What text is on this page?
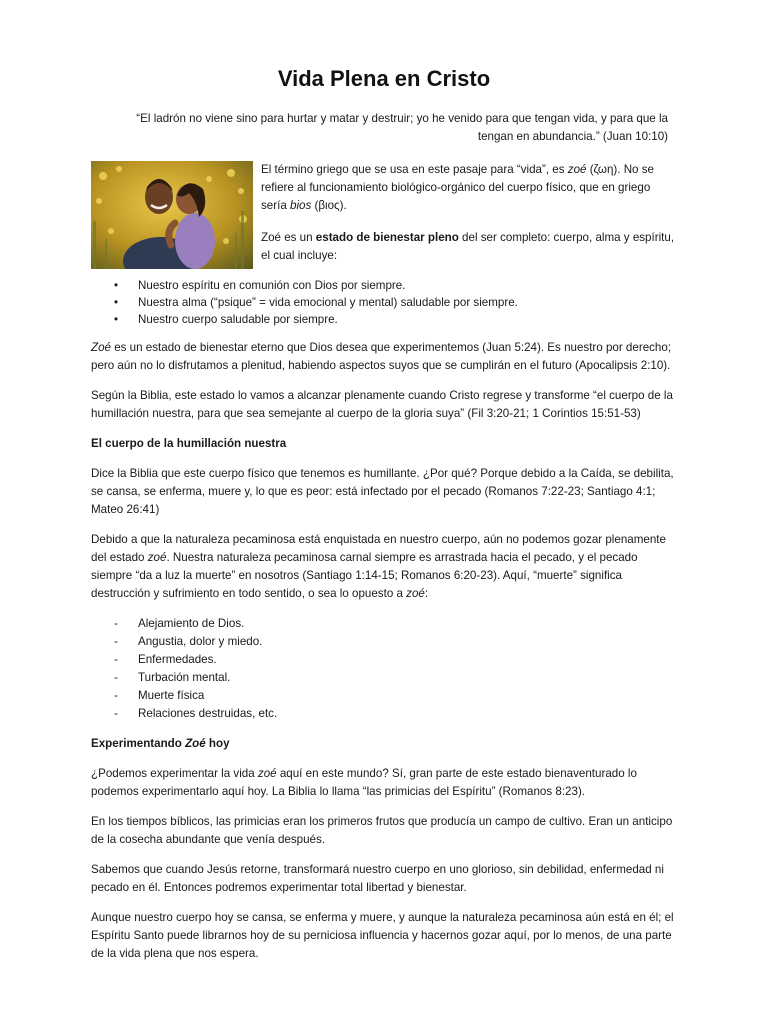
Vida Plena en Cristo

“El ladrón no viene sino para hurtar y matar y destruir; yo he venido para que tengan vida, y para que la tengan en abundancia.” (Juan 10:10)

El término griego que se usa en este pasaje para “vida”, es zoé (ζωη). No se refiere al funcionamiento biológico-orgánico del cuerpo físico, que en griego sería bios (βιος).

Zoé es un estado de bienestar pleno del ser completo: cuerpo, alma y espíritu, el cual incluye:

• Nuestro espíritu en comunión con Dios por siempre.
• Nuestra alma (“psique” = vida emocional y mental) saludable por siempre.
• Nuestro cuerpo saludable por siempre.

Zoé es un estado de bienestar eterno que Dios desea que experimentemos (Juan 5:24). Es nuestro por derecho; pero aún no lo disfrutamos a plenitud, habiendo aspectos suyos que se cumplirán en el futuro (Apocalipsis 2:10).

Según la Biblia, este estado lo vamos a alcanzar plenamente cuando Cristo regrese y transforme “el cuerpo de la humillación nuestra, para que sea semejante al cuerpo de la gloria suya” (Fil 3:20-21; 1 Corintios 15:51-53)

El cuerpo de la humillación nuestra

Dice la Biblia que este cuerpo físico que tenemos es humillante. ¿Por qué? Porque debido a la Caída, se debilita, se cansa, se enferma, muere y, lo que es peor: está infectado por el pecado (Romanos 7:22-23; Santiago 4:1; Mateo 26:41)

Debido a que la naturaleza pecaminosa está enquistada en nuestro cuerpo, aún no podemos gozar plenamente del estado zoé. Nuestra naturaleza pecaminosa carnal siempre es arrastrada hacia el pecado, y el pecado siempre “da a luz la muerte” en nosotros (Santiago 1:14-15; Romanos 6:20-23). Aquí, “muerte” significa destrucción y sufrimiento en todo sentido, o sea lo opuesto a zoé:

- Alejamiento de Dios.
- Angustia, dolor y miedo.
- Enfermedades.
- Turbación mental.
- Muerte física
- Relaciones destruidas, etc.
Experimentando Zoé hoy

¿Podemos experimentar la vida zoé aquí en este mundo? Sí, gran parte de este estado bienaventurado lo podemos experimentarlo aquí hoy. La Biblia lo llama “las primicias del Espíritu” (Romanos 8:23).

En los tiempos bíblicos, las primicias eran los primeros frutos que producía un campo de cultivo. Eran un anticipo de la cosecha abundante que venía después.

Sabemos que cuando Jesús retorne, transformará nuestro cuerpo en uno glorioso, sin debilidad, enfermedad ni pecado en él. Entonces podremos experimentar total libertad y bienestar.

Aunque nuestro cuerpo hoy se cansa, se enferma y muere, y aunque la naturaleza pecaminosa aún está en él; el Espíritu Santo puede librarnos hoy de su perniciosa influencia y hacernos gozar aquí, por lo menos, de una parte de la vida plena que nos espera.
